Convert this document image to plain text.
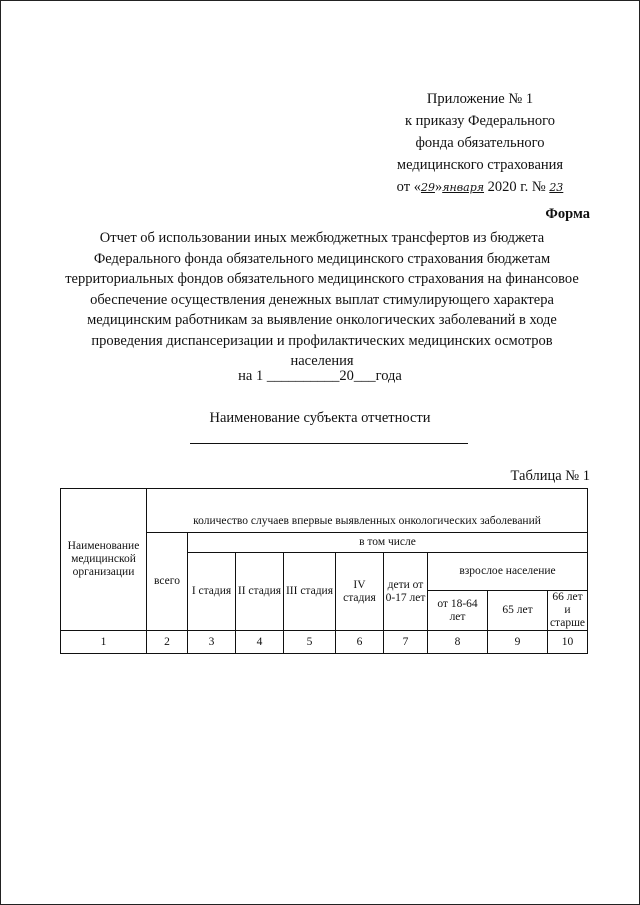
Приложение № 1
к приказу Федерального
фонда обязательного
медицинского страхования
от «29»января 2020 г. № 23
Форма
Отчет об использовании иных межбюджетных трансфертов из бюджета Федерального фонда обязательного медицинского страхования бюджетам территориальных фондов обязательного медицинского страхования на финансовое обеспечение осуществления денежных выплат стимулирующего характера медицинским работникам за выявление онкологических заболеваний в ходе проведения диспансеризации и профилактических медицинских осмотров населения
на 1 __________20___года
Наименование субъекта отчетности
Таблица № 1
Наименование медицинской организации	количество случаев впервые выявленных онкологических заболеваний								
	всего	в том числе							
		I стадия	II стадия	III стадия	IV стадия	дети от 0-17 лет	взрослое население		
							от 18-64 лет	65 лет	66 лет и старше
1	2	3	4	5	6	7	8	9	10
